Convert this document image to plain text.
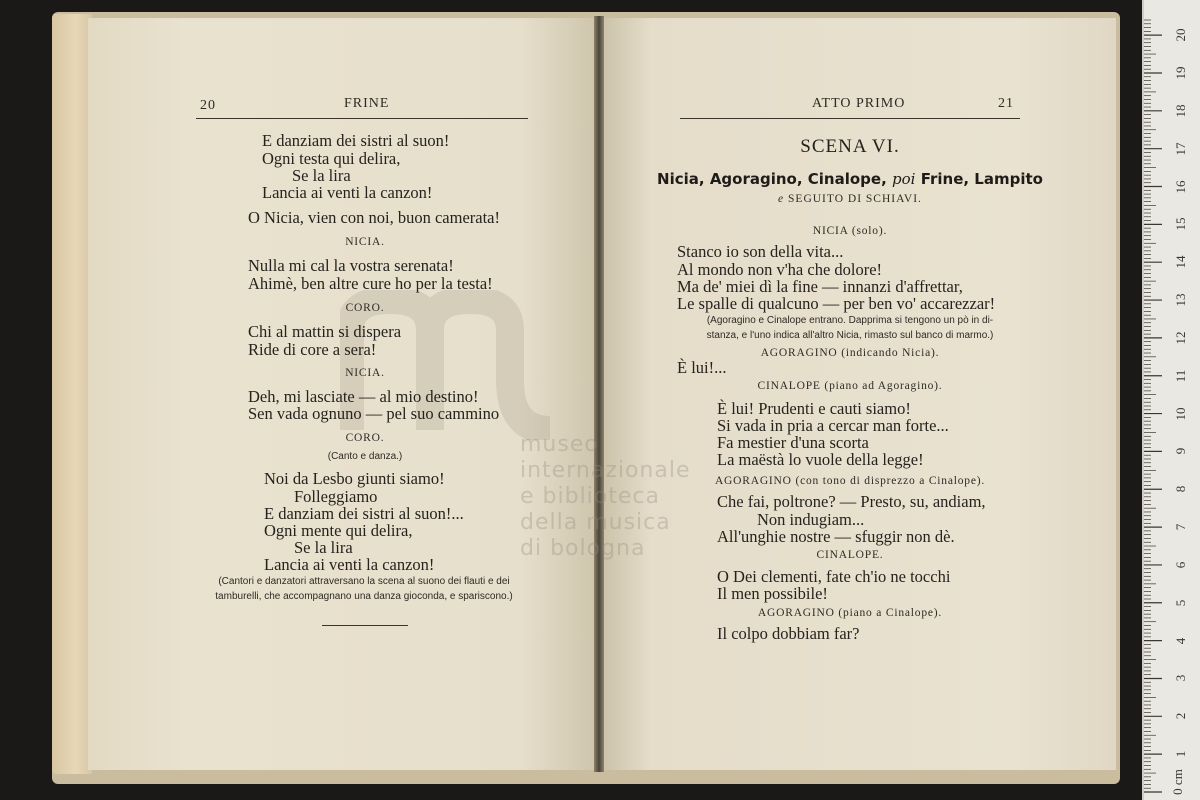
museo internazionale
e biblioteca della musica
di bologna
20	FRINE
E danziam dei sistri al suon!
Ogni testa qui delira,
Se la lira
Lancia ai venti la canzon!
O Nicia, vien con noi, buon camerata!
NICIA.
Nulla mi cal la vostra serenata!
Ahimè, ben altre cure ho per la testa!
CORO.
Chi al mattin si dispera
Ride di core a sera!
NICIA.
Deh, mi lasciate — al mio destino!
Sen vada ognuno — pel suo cammino
CORO.
(Canto e danza.)
Noi da Lesbo giunti siamo!
Folleggiamo
E danziam dei sistri al suon!...
Ogni mente qui delira,
Se la lira
Lancia ai venti la canzon!
(Cantori e danzatori attraversano la scena al suono dei flauti e dei
tamburelli, che accompagnano una danza gioconda, e spariscono.)
ATTO PRIMO	21
SCENA VI.
Nicia, Agoragino, Cinalope, poi Frine, Lampito
e SEGUITO DI SCHIAVI.
NICIA (solo).
Stanco io son della vita...
Al mondo non v'ha che dolore!
Ma de' miei dì la fine — innanzi d'affrettar,
Le spalle di qualcuno — per ben vo' accarezzar!
(Agoragino e Cinalope entrano. Dapprima si tengono un pò in di-
stanza, e l'uno indica all'altro Nicia, rimasto sul banco di marmo.)
AGORAGINO (indicando Nicia).
È lui!...
CINALOPE (piano ad Agoragino).
È lui! Prudenti e cauti siamo!
Si vada in pria a cercar man forte...
Fa mestier d'una scorta
La maëstà lo vuole della legge!
AGORAGINO (con tono di disprezzo a Cinalope).
Che fai, poltrone? — Presto, su, andiam,
Non indugiam...
All'unghie nostre — sfuggir non dè.
CINALOPE.
O Dei clementi, fate ch'io ne tocchi
Il men possibile!
AGORAGINO (piano a Cinalope).
Il colpo dobbiam far?
0 cm
1
2
3
4
5
6
7
8
9
10
11
12
13
14
15
16
17
18
19
20
